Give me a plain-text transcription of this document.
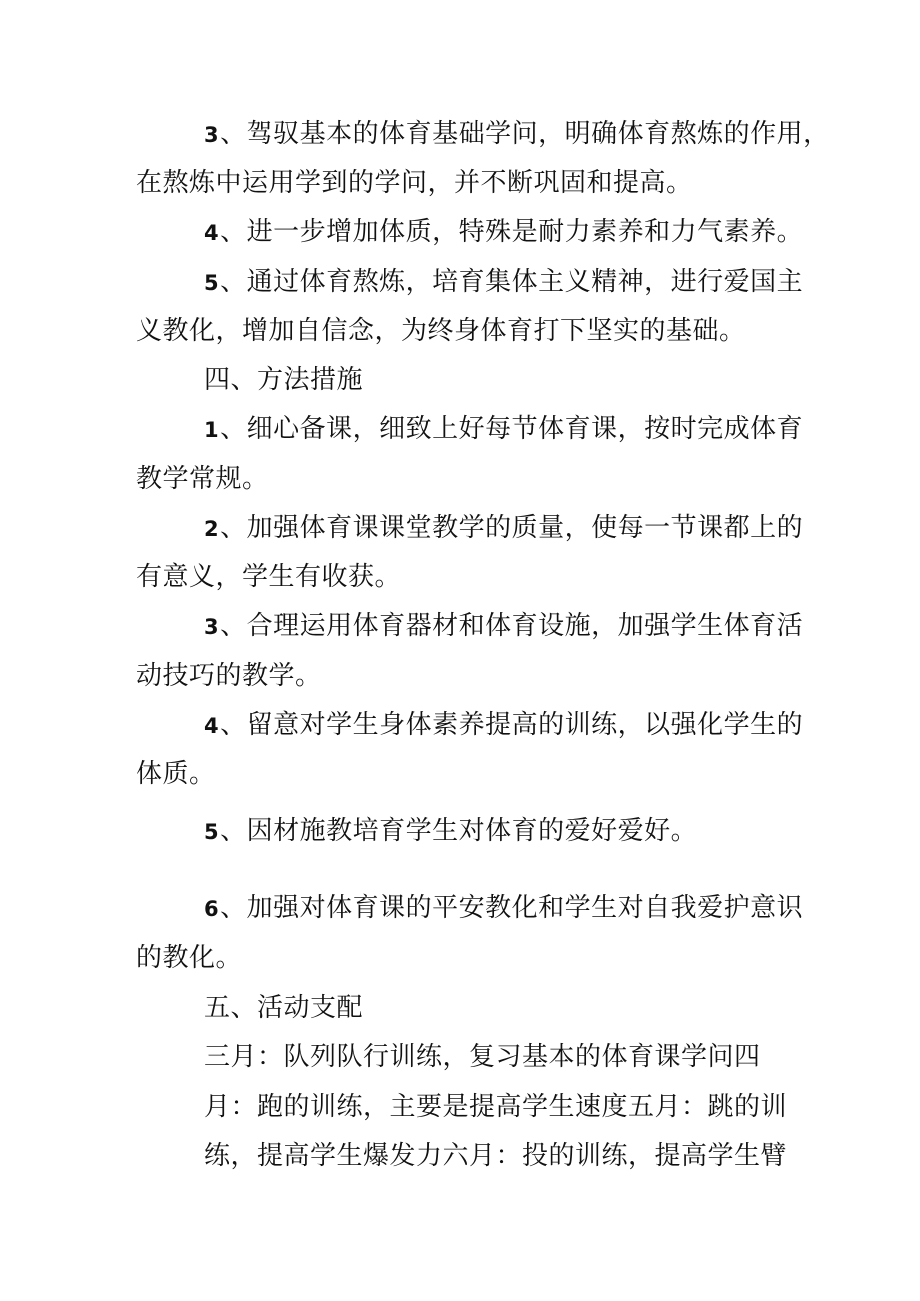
3、驾驭基本的体育基础学问，明确体育熬炼的作用，
在熬炼中运用学到的学问，并不断巩固和提高。
4、进一步增加体质，特殊是耐力素养和力气素养。
5、通过体育熬炼，培育集体主义精神，进行爱国主
义教化，增加自信念，为终身体育打下坚实的基础。
四、方法措施
1、细心备课，细致上好每节体育课，按时完成体育
教学常规。
2、加强体育课课堂教学的质量，使每一节课都上的
有意义，学生有收获。
3、合理运用体育器材和体育设施，加强学生体育活
动技巧的教学。
4、留意对学生身体素养提高的训练，以强化学生的
体质。
5、因材施教培育学生对体育的爱好爱好。
6、加强对体育课的平安教化和学生对自我爱护意识
的教化。
五、活动支配
三月：队列队行训练，复习基本的体育课学问四
月：跑的训练，主要是提高学生速度五月：跳的训
练，提高学生爆发力六月：投的训练，提高学生臂
